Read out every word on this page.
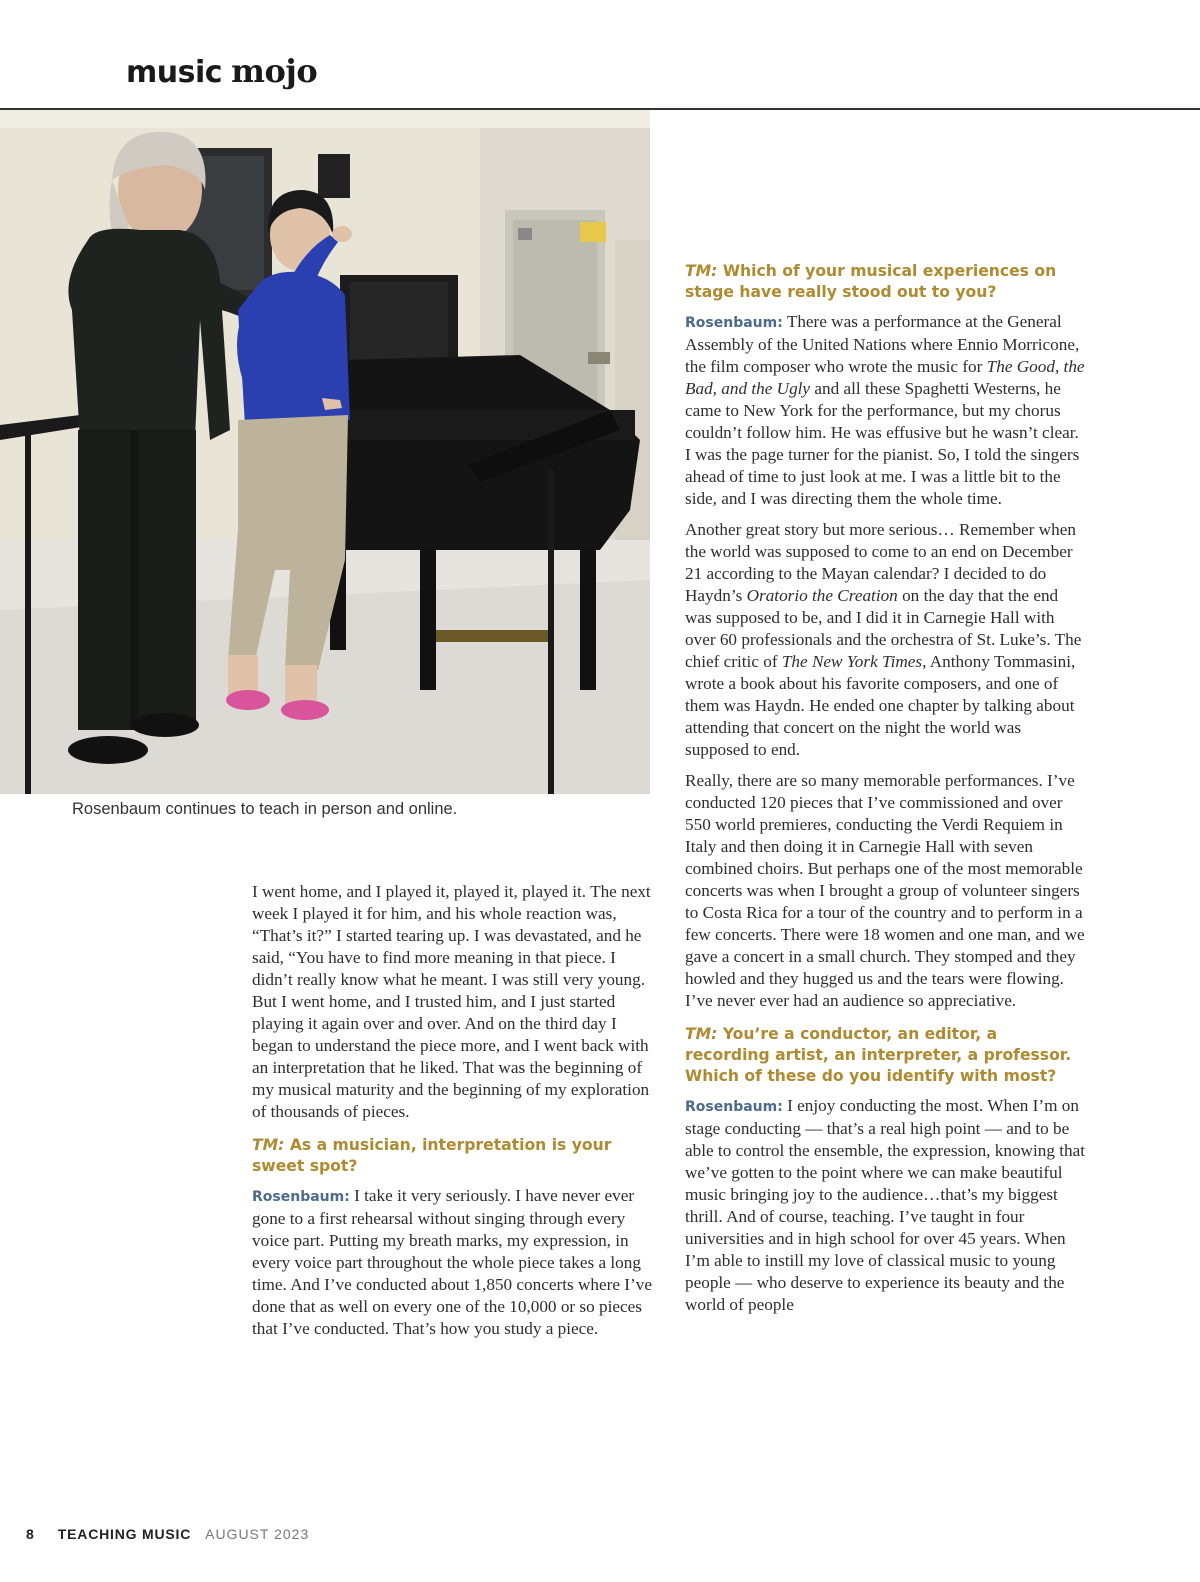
music mojo
Rosenbaum continues to teach in person and online.

I went home, and I played it, played it, played it. The next week I played it for him, and his whole reaction was, “That’s it?” I started tearing up. I was devastated, and he said, “You have to find more meaning in that piece. I didn’t really know what he meant. I was still very young. But I went home, and I trusted him, and I just started playing it again over and over. And on the third day I began to understand the piece more, and I went back with an interpretation that he liked. That was the beginning of my musical maturity and the beginning of my exploration of thousands of pieces.

TM: As a musician, interpretation is your sweet spot?

Rosenbaum: I take it very seriously. I have never ever gone to a first rehearsal without singing through every voice part. Putting my breath marks, my expression, in every voice part throughout the whole piece takes a long time. And I’ve conducted about 1,850 concerts where I’ve done that as well on every one of the 10,000 or so pieces that I’ve conducted. That’s how you study a piece.

TM: Which of your musical experiences on stage have really stood out to you?

Rosenbaum: There was a performance at the General Assembly of the United Nations where Ennio Morricone, the film composer who wrote the music for The Good, the Bad, and the Ugly and all these Spaghetti Westerns, he came to New York for the performance, but my chorus couldn’t follow him. He was effusive but he wasn’t clear. I was the page turner for the pianist. So, I told the singers ahead of time to just look at me. I was a little bit to the side, and I was directing them the whole time.

Another great story but more serious… Remember when the world was supposed to come to an end on December 21 according to the Mayan calendar? I decided to do Haydn’s Oratorio the Creation on the day that the end was supposed to be, and I did it in Carnegie Hall with over 60 professionals and the orchestra of St. Luke’s. The chief critic of The New York Times, Anthony Tommasini, wrote a book about his favorite composers, and one of them was Haydn. He ended one chapter by talking about attending that concert on the night the world was supposed to end.

Really, there are so many memorable performances. I’ve conducted 120 pieces that I’ve commissioned and over 550 world premieres, conducting the Verdi Requiem in Italy and then doing it in Carnegie Hall with seven combined choirs. But perhaps one of the most memorable concerts was when I brought a group of volunteer singers to Costa Rica for a tour of the country and to perform in a few concerts. There were 18 women and one man, and we gave a concert in a small church. They stomped and they howled and they hugged us and the tears were flowing. I’ve never ever had an audience so appreciative.

TM: You’re a conductor, an editor, a recording artist, an interpreter, a professor. Which of these do you identify with most?

Rosenbaum: I enjoy conducting the most. When I’m on stage conducting — that’s a real high point — and to be able to control the ensemble, the expression, knowing that we’ve gotten to the point where we can make beautiful music bringing joy to the audience…that’s my biggest thrill. And of course, teaching. I’ve taught in four universities and in high school for over 45 years. When I’m able to instill my love of classical music to young people — who deserve to experience its beauty and the world of people

8 TEACHING MUSIC AUGUST 2023
